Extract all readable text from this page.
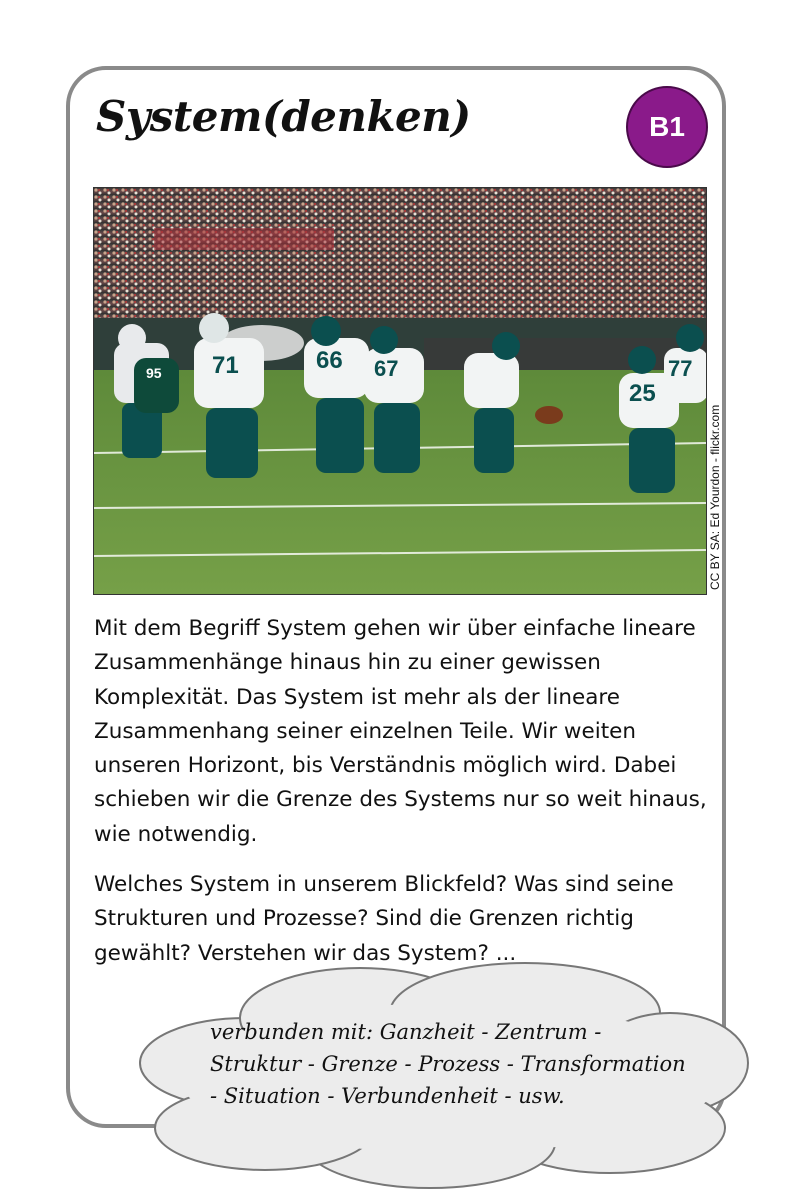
System(denken)	B1
71	66 67
25
77
95
CC BY SA: Ed Yourdon - flickr.com

Mit dem Begriff System gehen wir über einfache lineare Zusammenhänge hinaus hin zu einer gewissen Komplexität. Das System ist mehr als der lineare Zusammenhang seiner einzelnen Teile. Wir weiten unseren Horizont, bis Verständnis möglich wird. Dabei schieben wir die Grenze des Systems nur so weit hinaus, wie notwendig.

Welches System in unserem Blickfeld? Was sind seine Strukturen und Prozesse? Sind die Grenzen richtig gewählt? Verstehen wir das System? ...

verbunden mit: Ganzheit - Zentrum - Struktur - Grenze - Prozess - Transformation - Situation - Verbundenheit - usw.
